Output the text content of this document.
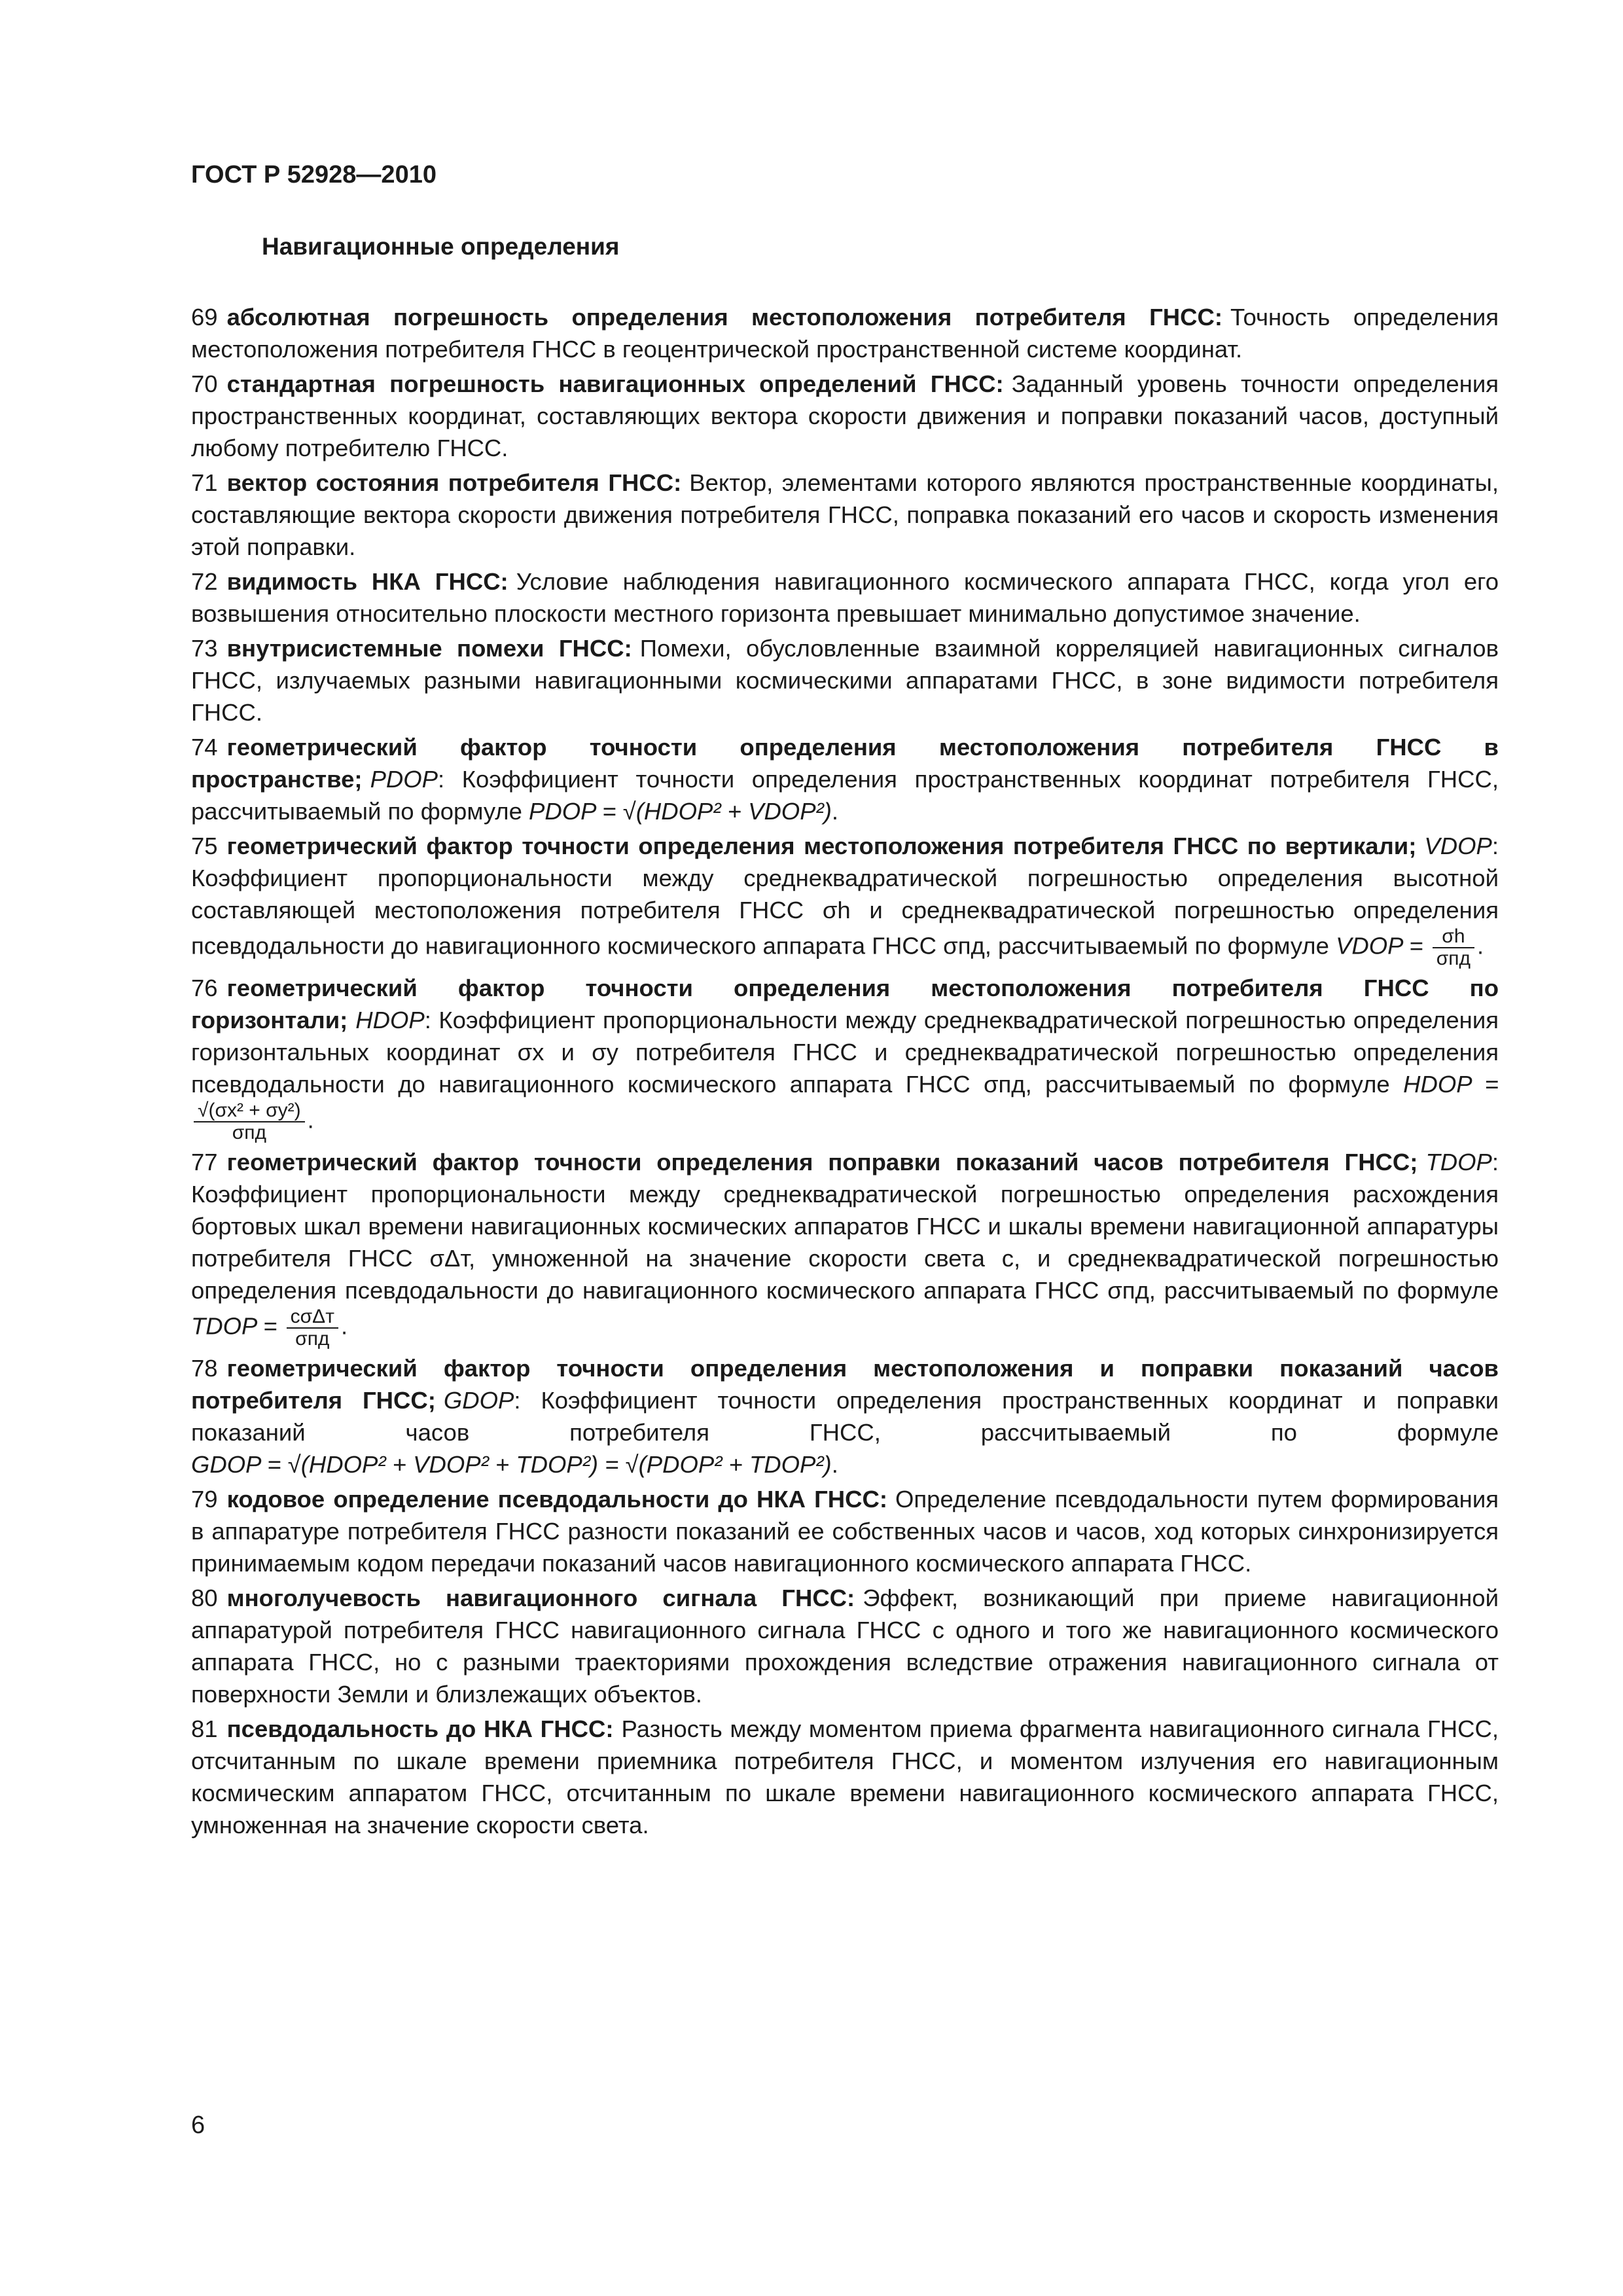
ГОСТ Р 52928—2010
Навигационные определения

69 абсолютная погрешность определения местоположения потребителя ГНСС: Точность определения местоположения потребителя ГНСС в геоцентрической пространственной системе координат.

70 стандартная погрешность навигационных определений ГНСС: Заданный уровень точности определения пространственных координат, составляющих вектора скорости движения и поправки показаний часов, доступный любому потребителю ГНСС.

71 вектор состояния потребителя ГНСС: Вектор, элементами которого являются пространственные координаты, составляющие вектора скорости движения потребителя ГНСС, поправка показаний его часов и скорость изменения этой поправки.

72 видимость НКА ГНСС: Условие наблюдения навигационного космического аппарата ГНСС, когда угол его возвышения относительно плоскости местного горизонта превышает минимально допустимое значение.

73 внутрисистемные помехи ГНСС: Помехи, обусловленные взаимной корреляцией навигационных сигналов ГНСС, излучаемых разными навигационными космическими аппаратами ГНСС, в зоне видимости потребителя ГНСС.

74 геометрический фактор точности определения местоположения потребителя ГНСС в пространстве; PDOP: Коэффициент точности определения пространственных координат потребителя ГНСС, рассчитываемый по формуле PDOP = √(HDOP² + VDOP²).

75 геометрический фактор точности определения местоположения потребителя ГНСС по вертикали; VDOP: Коэффициент пропорциональности между среднеквадратической погрешностью определения высотной составляющей местоположения потребителя ГНСС σh и среднеквадратической погрешностью определения псевдодальности до навигационного космического аппарата ГНСС σпд, рассчитываемый по формуле VDOP = $\frac{\sigma h}{\text{σпд}}$ .

76 геометрический фактор точности определения местоположения потребителя ГНСС по горизонтали; HDOP: Коэффициент пропорциональности между среднеквадратической погрешностью определения горизонтальных координат σx и σy потребителя ГНСС и среднеквадратической погрешностью определения псевдодальности до навигационного космического аппарата ГНСС σпд, рассчитываемый по формуле HDOP =
$\frac{\text{√(σx² + σy²)}}{\text{σпд}}$ .

77 геометрический фактор точности определения поправки показаний часов потребителя ГНСС; TDOP: Коэффициент пропорциональности между среднеквадратической погрешностью определения расхождения бортовых шкал времени навигационных космических аппаратов ГНСС и шкалы времени навигационной аппаратуры потребителя ГНСС σΔт, умноженной на значение скорости света c, и среднеквадратической погрешностью определения псевдодальности до навигационного космического аппарата ГНСС σпд, рассчитываемый по формуле TDOP = $\frac{\text{cσΔт}}{\text{σпд}}$ .

78 геометрический фактор точности определения местоположения и поправки показаний часов потребителя ГНСС; GDOP: Коэффициент точности определения пространственных координат и поправки показаний часов потребителя ГНСС, рассчитываемый по формуле GDOP = √(HDOP² + VDOP² + TDOP²) = √(PDOP² + TDOP²).

79 кодовое определение псевдодальности до НКА ГНСС: Определение псевдодальности путем формирования в аппаратуре потребителя ГНСС разности показаний ее собственных часов и часов, ход которых синхронизируется принимаемым кодом передачи показаний часов навигационного космического аппарата ГНСС.

80 многолучевость навигационного сигнала ГНСС: Эффект, возникающий при приеме навигационной аппаратурой потребителя ГНСС навигационного сигнала ГНСС с одного и того же навигационного космического аппарата ГНСС, но с разными траекториями прохождения вследствие отражения навигационного сигнала от поверхности Земли и близлежащих объектов.

81 псевдодальность до НКА ГНСС: Разность между моментом приема фрагмента навигационного сигнала ГНСС, отсчитанным по шкале времени приемника потребителя ГНСС, и моментом излучения его навигационным космическим аппаратом ГНСС, отсчитанным по шкале времени навигационного космического аппарата ГНСС, умноженная на значение скорости света.

6
